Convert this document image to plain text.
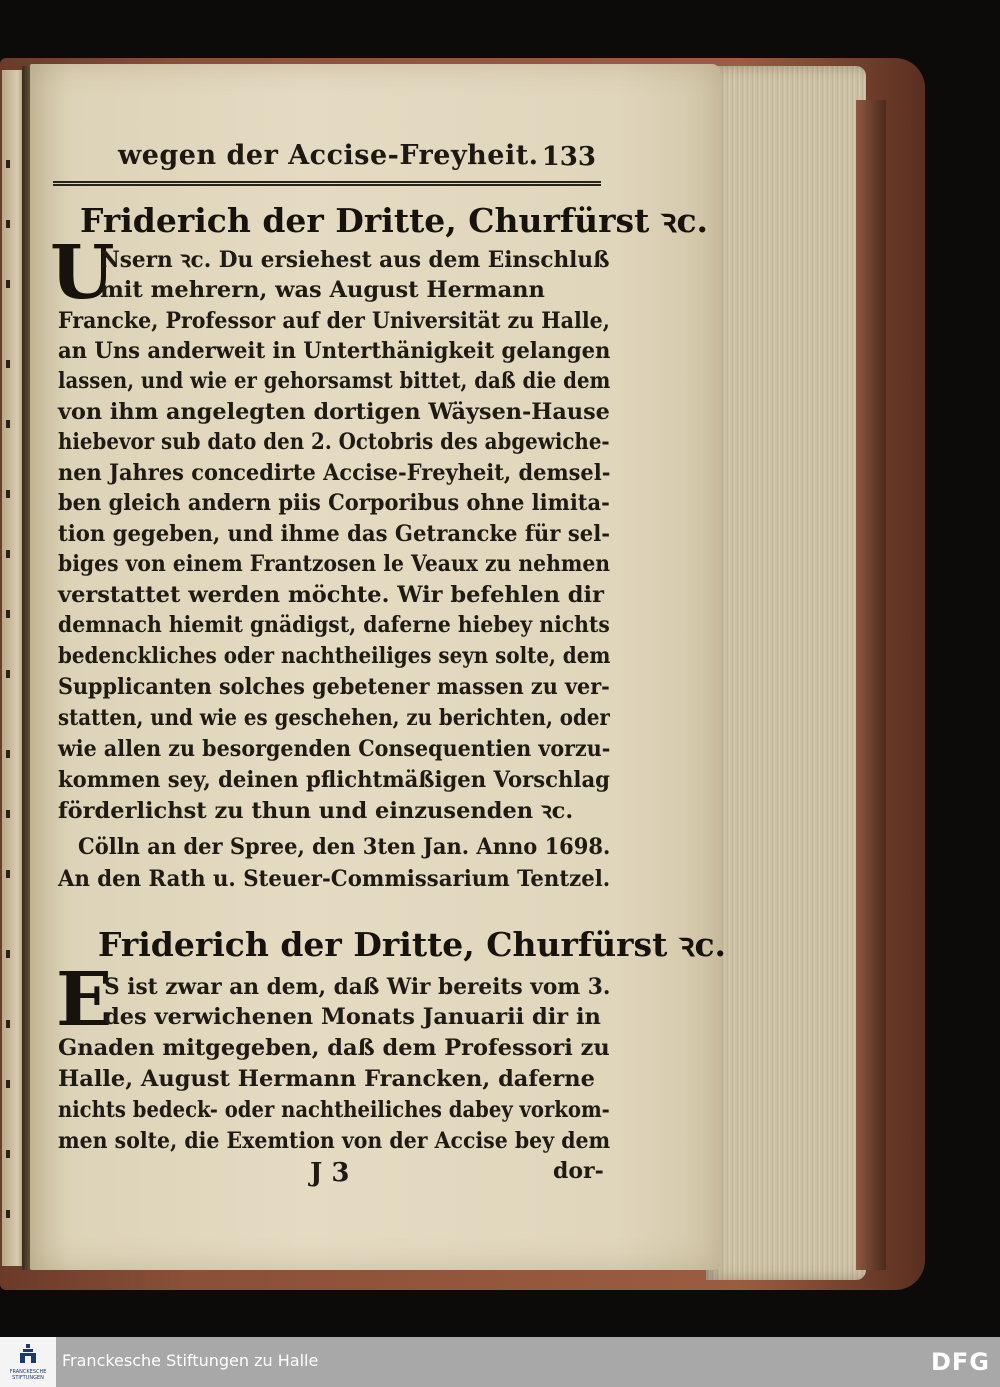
wegen der Accise-Freyheit. 133
Friderich der Dritte, Churfürst ꝛc.
U
Nsern ꝛc. Du ersiehest aus dem Einschluß
mit mehrern, was August Hermann
Francke, Professor auf der Universität zu Halle,
an Uns anderweit in Unterthänigkeit gelangen
lassen, und wie er gehorsamst bittet, daß die dem
von ihm angelegten dortigen Wäysen-Hause
hiebevor sub dato den 2. Octobris des abgewiche-
nen Jahres concedirte Accise-Freyheit, demsel-
ben gleich andern piis Corporibus ohne limita-
tion gegeben, und ihme das Getrancke für sel-
biges von einem Frantzosen le Veaux zu nehmen
verstattet werden möchte. Wir befehlen dir
demnach hiemit gnädigst, daferne hiebey nichts
bedenckliches oder nachtheiliges seyn solte, dem
Supplicanten solches gebetener massen zu ver-
statten, und wie es geschehen, zu berichten, oder
wie allen zu besorgenden Consequentien vorzu-
kommen sey, deinen pflichtmäßigen Vorschlag
förderlichst zu thun und einzusenden ꝛc.
Cölln an der Spree, den 3ten Jan. Anno 1698.
An den Rath u. Steuer-Commissarium Tentzel.
Friderich der Dritte, Churfürst ꝛc.
E
S ist zwar an dem, daß Wir bereits vom 3.
des verwichenen Monats Januarii dir in
Gnaden mitgegeben, daß dem Professori zu
Halle, August Hermann Francken, daferne
nichts bedeck- oder nachtheiliches dabey vorkom-
men solte, die Exemtion von der Accise bey dem
J 3	dor-
FRANCKESCHE STIFTUNGEN
Franckesche Stiftungen zu Halle	DFG
